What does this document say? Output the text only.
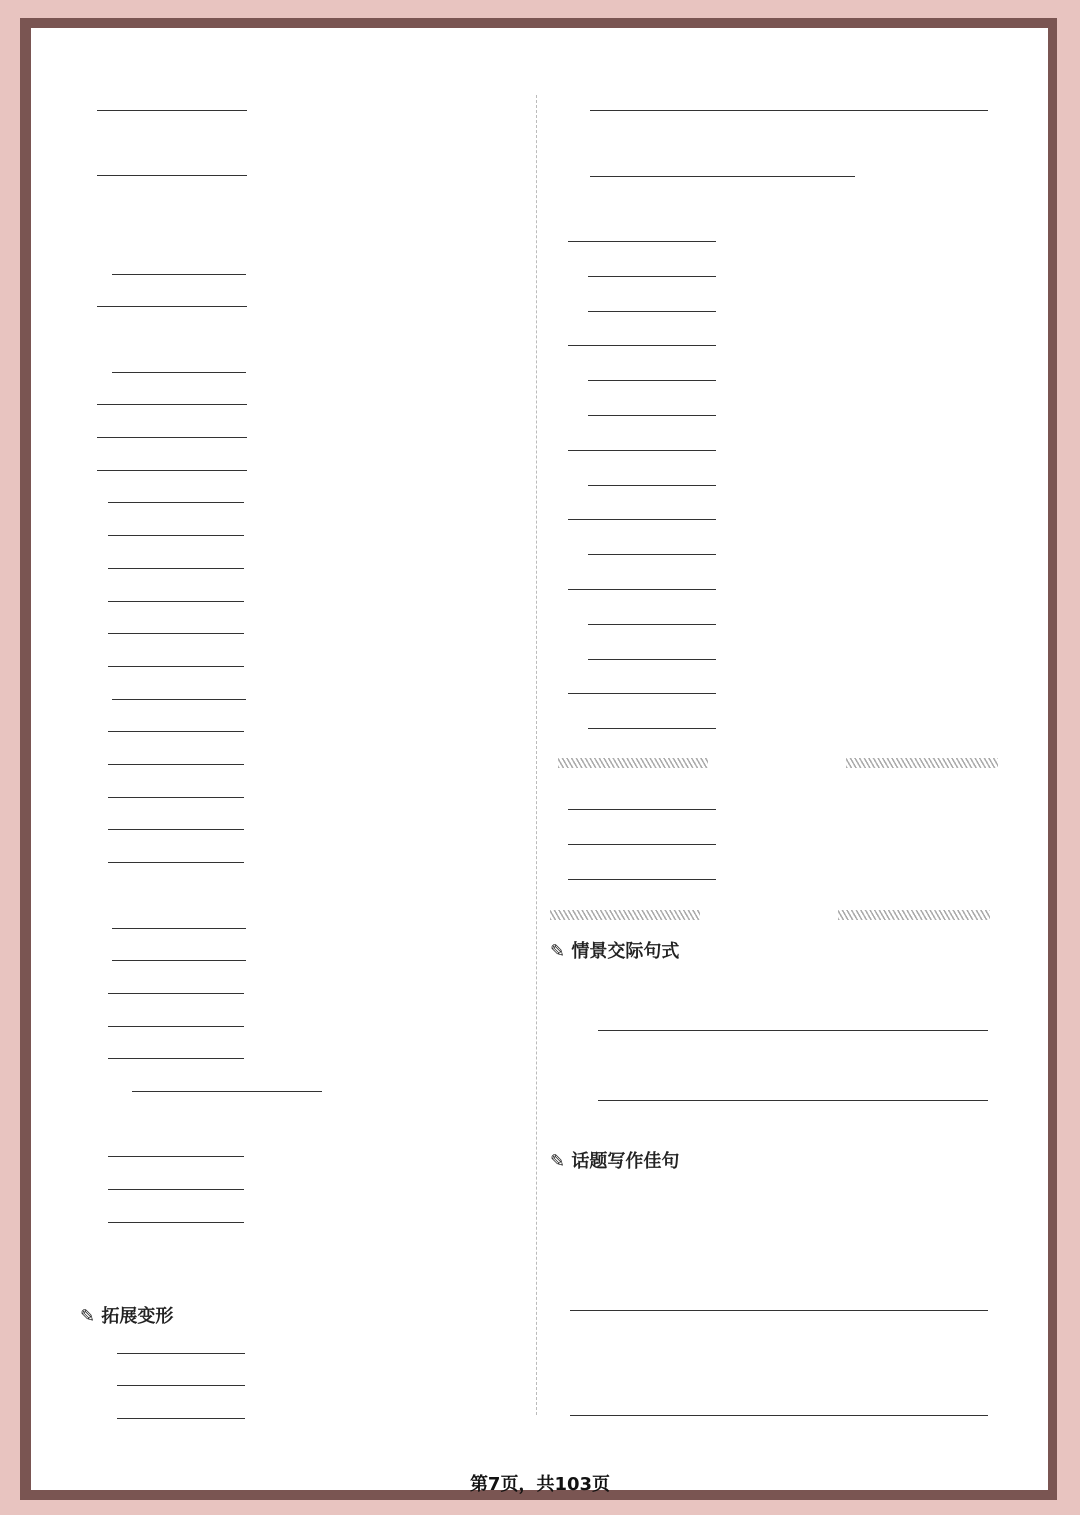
第7页，共103页
✎ 拓展变形
✎ 情景交际句式
✎ 话题写作佳句
